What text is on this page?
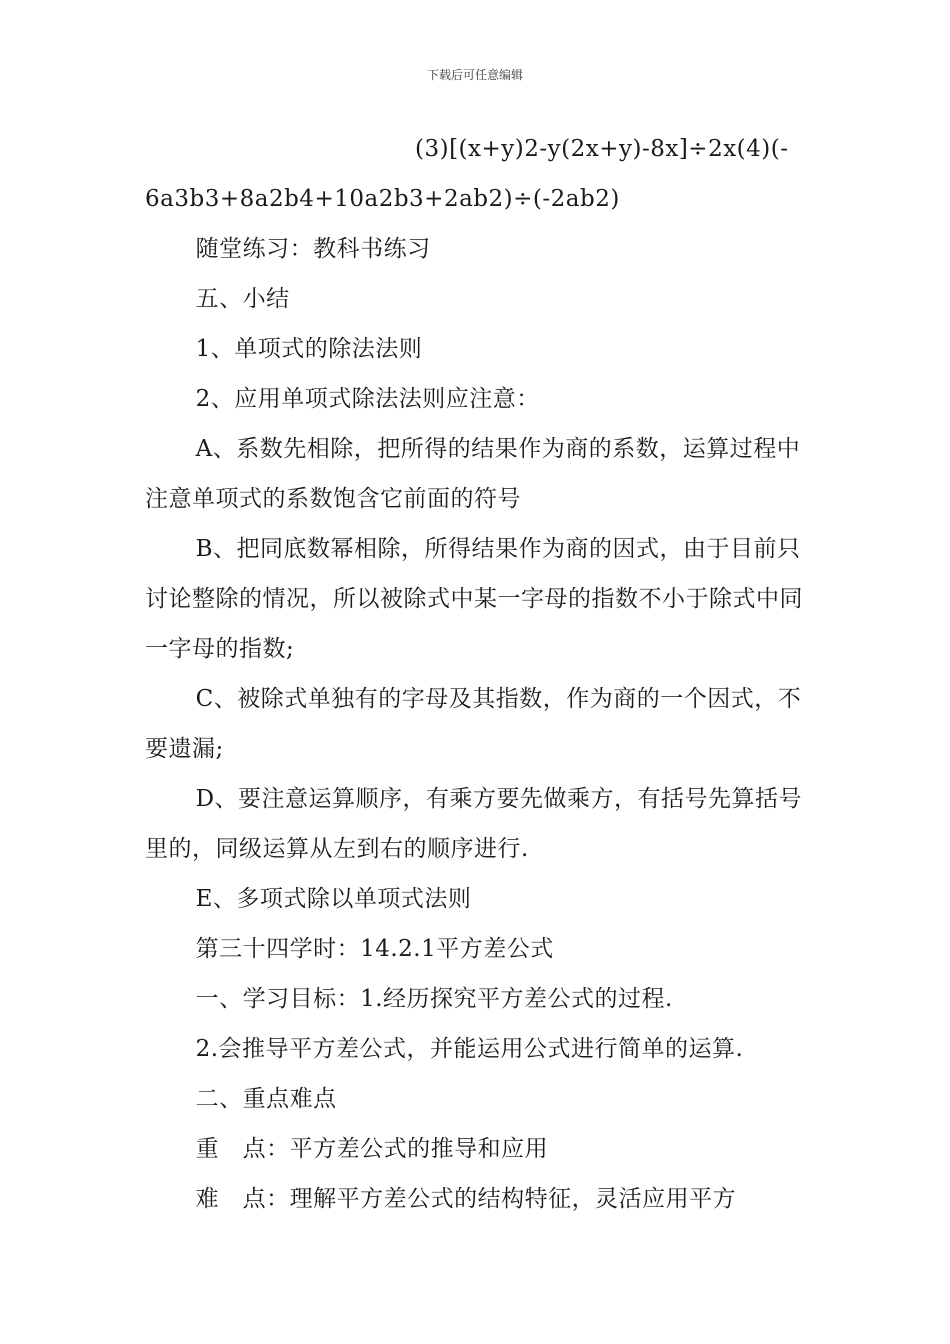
下载后可任意编辑

(3)[(x+y)2-y(2x+y)-8x]÷2x(4)(-

6a3b3+8a2b4+10a2b3+2ab2)÷(-2ab2)

随堂练习：教科书练习

五、小结

1、单项式的除法法则

2、应用单项式除法法则应注意：

A、系数先相除，把所得的结果作为商的系数，运算过程中注意单项式的系数饱含它前面的符号

B、把同底数幂相除，所得结果作为商的因式，由于目前只讨论整除的情况，所以被除式中某一字母的指数不小于除式中同一字母的指数;

C、被除式单独有的字母及其指数，作为商的一个因式，不要遗漏;

D、要注意运算顺序，有乘方要先做乘方，有括号先算括号里的，同级运算从左到右的顺序进行.

E、多项式除以单项式法则

第三十四学时：14.2.1平方差公式

一、学习目标：1.经历探究平方差公式的过程.

2.会推导平方差公式，并能运用公式进行简单的运算.

二、重点难点

重　点：平方差公式的推导和应用

难　点：理解平方差公式的结构特征，灵活应用平方
